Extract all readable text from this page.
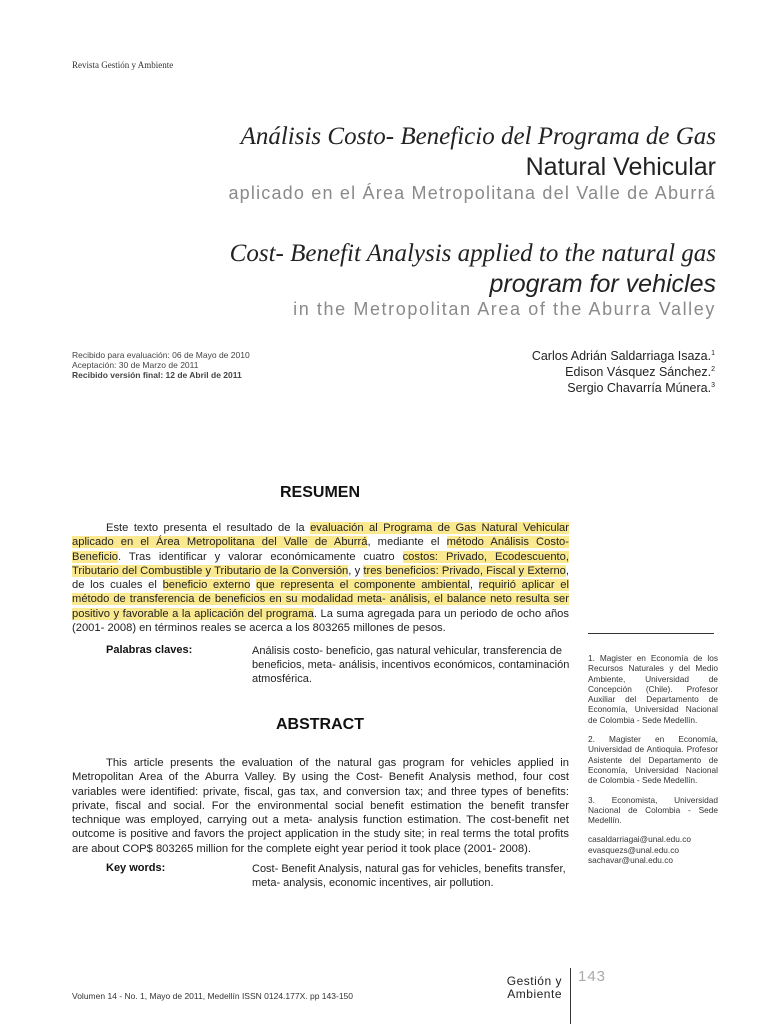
Revista Gestión y Ambiente
Análisis Costo- Beneficio del Programa de Gas
Natural Vehicular
aplicado en el Área Metropolitana del Valle de Aburrá
Cost- Benefit Analysis applied to the natural gas
program for vehicles
in the Metropolitan Area of the Aburra Valley
Recibido para evaluación: 06 de Mayo de 2010
Aceptación: 30 de Marzo de 2011
Recibido versión final: 12 de Abril de 2011
Carlos Adrián Saldarriaga Isaza.$^1$
Edison Vásquez Sánchez.$^2$
Sergio Chavarría Múnera.$^3$
RESUMEN
Este texto presenta el resultado de la evaluación al Programa de Gas Natural Vehicular aplicado en el Área Metropolitana del Valle de Aburrá, mediante el método Análisis Costo- Beneficio. Tras identificar y valorar económicamente cuatro costos: Privado, Ecodescuento, Tributario del Combustible y Tributario de la Conversión, y tres beneficios: Privado, Fiscal y Externo, de los cuales el beneficio externo que representa el componente ambiental, requirió aplicar el método de transferencia de beneficios en su modalidad meta- análisis, el balance neto resulta ser positivo y favorable a la aplicación del programa. La suma agregada para un periodo de ocho años (2001- 2008) en términos reales se acerca a los 803265 millones de pesos.
Palabras claves:	Análisis costo- beneficio, gas natural vehicular, transferencia de beneficios, meta- análisis, incentivos económicos, contaminación atmosférica.
ABSTRACT
This article presents the evaluation of the natural gas program for vehicles applied in Metropolitan Area of the Aburra Valley. By using the Cost- Benefit Analysis method, four cost variables were identified: private, fiscal, gas tax, and conversion tax; and three types of benefits: private, fiscal and social. For the environmental social benefit estimation the benefit transfer technique was employed, carrying out a meta- analysis function estimation. The cost-benefit net outcome is positive and favors the project application in the study site; in real terms the total profits are about COP$ 803265 million for the complete eight year period it took place (2001- 2008).
Key words:	Cost- Benefit Analysis, natural gas for vehicles, benefits transfer, meta- analysis, economic incentives, air pollution.

1. Magister en Economía de los Recursos Naturales y del Medio Ambiente, Universidad de Concepción (Chile). Profesor Auxiliar del Departamento de Economía, Universidad Nacional de Colombia - Sede Medellín.

2. Magister en Economía, Universidad de Antioquia. Profesor Asistente del Departamento de Economía, Universidad Nacional de Colombia - Sede Medellín.

3. Economista, Universidad Nacional de Colombia - Sede Medellín.

casaldarriagai@unal.edu.co
evasquezs@unal.edu.co
sachavar@unal.edu.co
Volumen 14 - No. 1, Mayo de 2011, Medellín ISSN 0124.177X. pp 143-150
Gestión y
Ambiente
143
